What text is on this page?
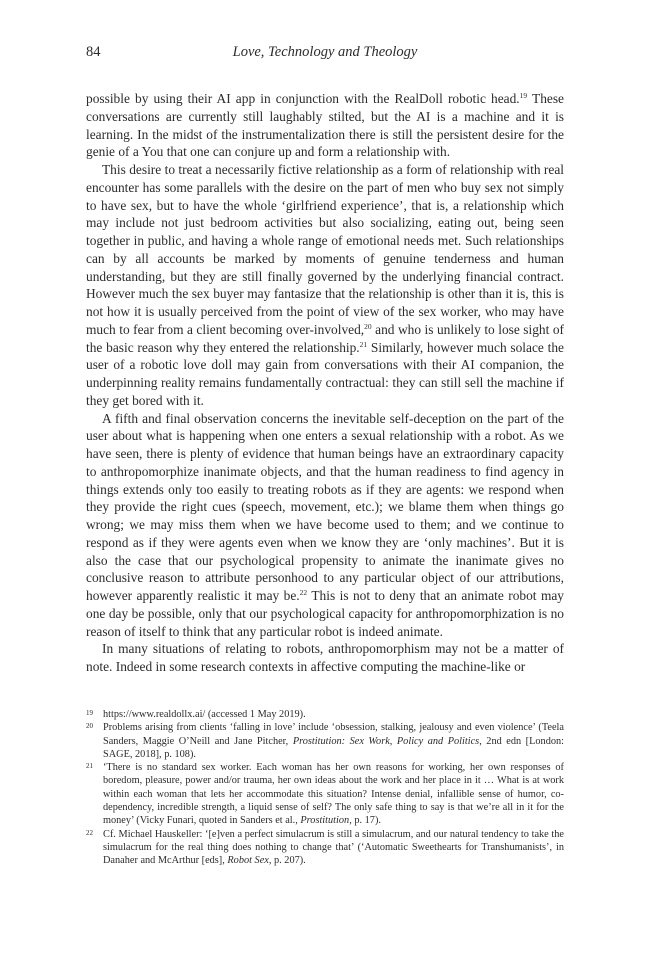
84	Love, Technology and Theology

possible by using their AI app in conjunction with the RealDoll robotic head.$^{19}$ These conversations are currently still laughably stilted, but the AI is a machine and it is learning. In the midst of the instrumentalization there is still the persistent desire for the genie of a You that one can conjure up and form a relationship with.

This desire to treat a necessarily fictive relationship as a form of relationship with real encounter has some parallels with the desire on the part of men who buy sex not simply to have sex, but to have the whole ‘girlfriend experience’, that is, a relationship which may include not just bedroom activities but also socializing, eating out, being seen together in public, and having a whole range of emotional needs met. Such relationships can by all accounts be marked by moments of genuine tenderness and human understanding, but they are still finally governed by the underlying financial contract. However much the sex buyer may fantasize that the relationship is other than it is, this is not how it is usually perceived from the point of view of the sex worker, who may have much to fear from a client becoming over-involved,$^{20}$ and who is unlikely to lose sight of the basic reason why they entered the relationship.$^{21}$ Similarly, however much solace the user of a robotic love doll may gain from conversations with their AI companion, the underpinning reality remains fundamentally contractual: they can still sell the machine if they get bored with it.

A fifth and final observation concerns the inevitable self-deception on the part of the user about what is happening when one enters a sexual relationship with a robot. As we have seen, there is plenty of evidence that human beings have an extraordinary capacity to anthropomorphize inanimate objects, and that the human readiness to find agency in things extends only too easily to treating robots as if they are agents: we respond when they provide the right cues (speech, movement, etc.); we blame them when things go wrong; we may miss them when we have become used to them; and we continue to respond as if they were agents even when we know they are ‘only machines’. But it is also the case that our psychological propensity to animate the inanimate gives no conclusive reason to attribute personhood to any particular object of our attributions, however apparently realistic it may be.$^{22}$ This is not to deny that an animate robot may one day be possible, only that our psychological capacity for anthropomorphization is no reason of itself to think that any particular robot is indeed animate.

In many situations of relating to robots, anthropomorphism may not be a matter of note. Indeed in some research contexts in affective computing the machine-like or

19 https://www.realdollx.ai/ (accessed 1 May 2019).
20 Problems arising from clients ‘falling in love’ include ‘obsession, stalking, jealousy and even violence’ (Teela Sanders, Maggie O’Neill and Jane Pitcher, Prostitution: Sex Work, Policy and Politics, 2nd edn [London: SAGE, 2018], p. 108).
21 ‘There is no standard sex worker. Each woman has her own reasons for working, her own responses of boredom, pleasure, power and/or trauma, her own ideas about the work and her place in it … What is at work within each woman that lets her accommodate this situation? Intense denial, infallible sense of humor, co-dependency, incredible strength, a liquid sense of self? The only safe thing to say is that we’re all in it for the money’ (Vicky Funari, quoted in Sanders et al., Prostitution, p. 17).
22 Cf. Michael Hauskeller: ‘[e]ven a perfect simulacrum is still a simulacrum, and our natural tendency to take the simulacrum for the real thing does nothing to change that’ (‘Automatic Sweethearts for Transhumanists’, in Danaher and McArthur [eds], Robot Sex, p. 207).
